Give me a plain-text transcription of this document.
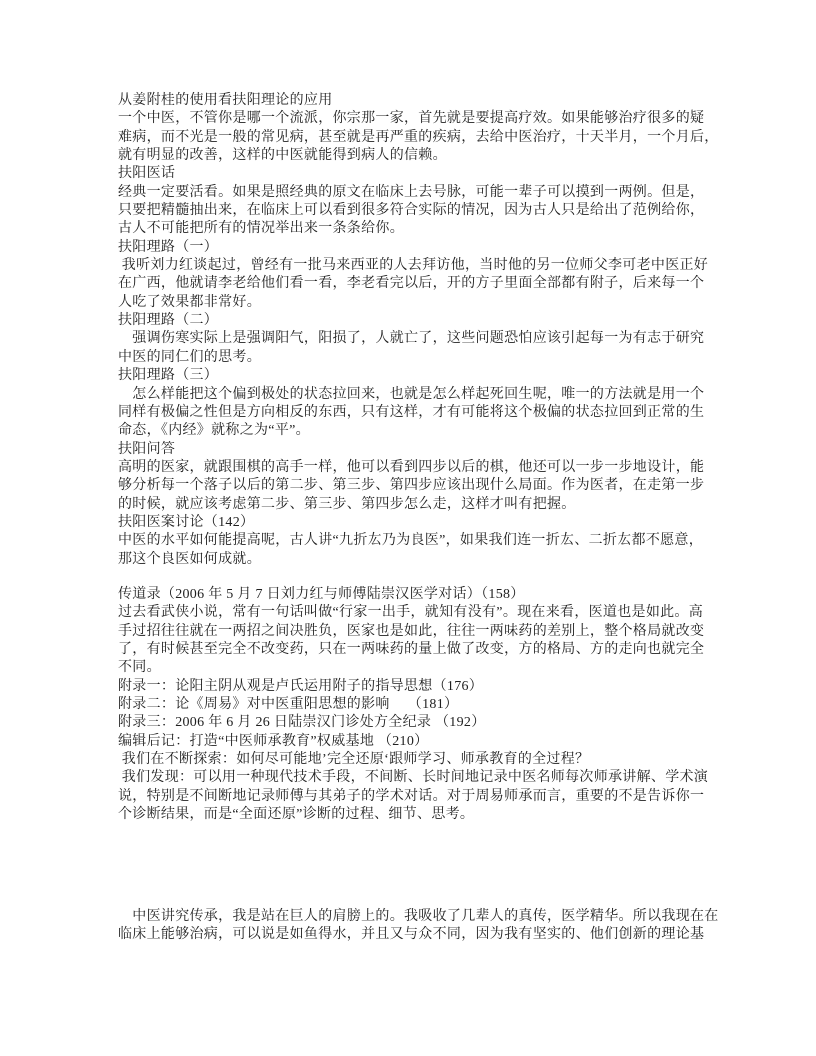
从姜附桂的使用看扶阳理论的应用
一个中医，不管你是哪一个流派，你宗那一家，首先就是要提高疗效。如果能够治疗很多的疑
难病，而不光是一般的常见病，甚至就是再严重的疾病，去给中医治疗，十天半月，一个月后，
就有明显的改善，这样的中医就能得到病人的信赖。
扶阳医话
经典一定要活看。如果是照经典的原文在临床上去号脉，可能一辈子可以摸到一两例。但是，
只要把精髓抽出来，在临床上可以看到很多符合实际的情况，因为古人只是给出了范例给你，
古人不可能把所有的情况举出来一条条给你。
扶阳理路（一）
我听刘力红谈起过，曾经有一批马来西亚的人去拜访他，当时他的另一位师父李可老中医正好
在广西，他就请李老给他们看一看，李老看完以后，开的方子里面全部都有附子，后来每一个
人吃了效果都非常好。
扶阳理路（二）
　强调伤寒实际上是强调阳气，阳损了，人就亡了，这些问题恐怕应该引起每一为有志于研究
中医的同仁们的思考。
扶阳理路（三）
　怎么样能把这个偏到极处的状态拉回来，也就是怎么样起死回生呢，唯一的方法就是用一个
同样有极偏之性但是方向相反的东西，只有这样，才有可能将这个极偏的状态拉回到正常的生
命态，《内经》就称之为“平”。
扶阳问答
高明的医家，就跟围棋的高手一样，他可以看到四步以后的棋，他还可以一步一步地设计，能
够分析每一个落子以后的第二步、第三步、第四步应该出现什么局面。作为医者，在走第一步
的时候，就应该考虑第二步、第三步、第四步怎么走，这样才叫有把握。
扶阳医案讨论（142）
中医的水平如何能提高呢，古人讲“九折厷乃为良医”，如果我们连一折厷、二折厷都不愿意，
那这个良医如何成就。
传道录（2006 年 5 月 7 日刘力红与师傅陆崇汉医学对话）（158）
过去看武侠小说，常有一句话叫做“行家一出手，就知有没有”。现在来看，医道也是如此。高
手过招往往就在一两招之间决胜负，医家也是如此，往往一两味药的差别上，整个格局就改变
了，有时候甚至完全不改变药，只在一两味药的量上做了改变，方的格局、方的走向也就完全
不同。
附录一：论阳主阴从观是卢氏运用附子的指导思想（176）
附录二：论《周易》对中医重阳思想的影响　 （181）
附录三：2006 年 6 月 26 日陆崇汉门诊处方全纪录 （192）
编辑后记：打造“中医师承教育”权威基地 （210）
我们在不断探索：如何尽可能地’完全还原‘跟师学习、师承教育的全过程？
我们发现：可以用一种现代技术手段，不间断、长时间地记录中医名师每次师承讲解、学术演
说，特别是不间断地记录师傅与其弟子的学术对话。对于周易师承而言，重要的不是告诉你一
个诊断结果，而是“全面还原”诊断的过程、细节、思考。
　中医讲究传承，我是站在巨人的肩膀上的。我吸收了几辈人的真传，医学精华。所以我现在在
临床上能够治病，可以说是如鱼得水，并且又与众不同，因为我有坚实的、他们创新的理论基
